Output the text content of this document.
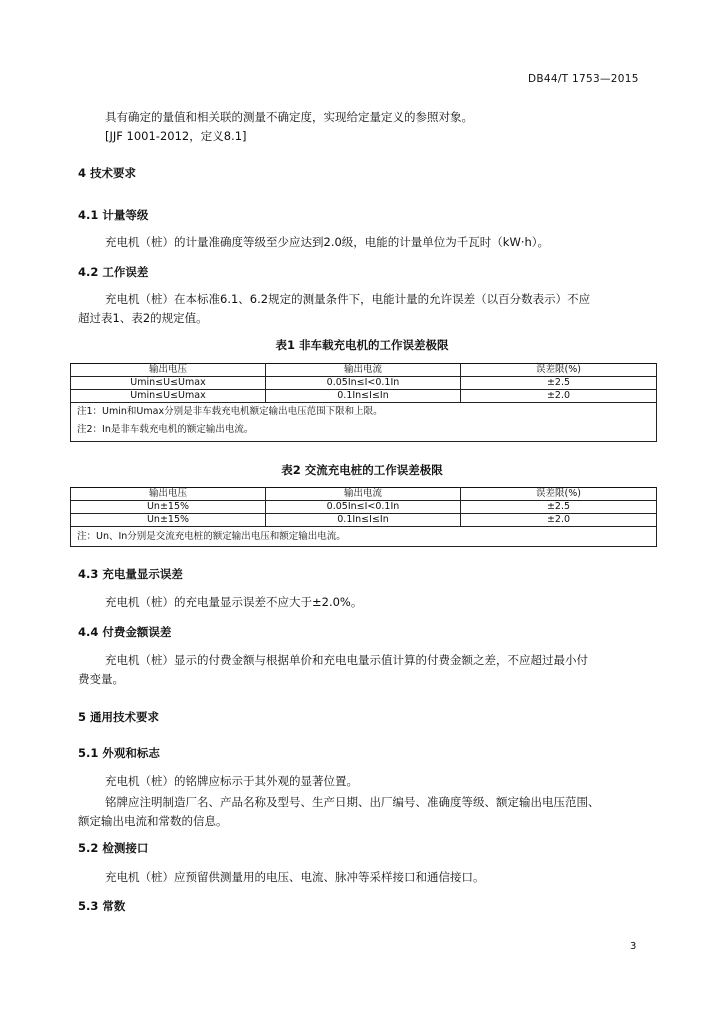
DB44/T 1753—2015
具有确定的量值和相关联的测量不确定度，实现给定量定义的参照对象。
[JJF 1001-2012，定义8.1]
4 技术要求
4.1 计量等级
充电机（桩）的计量准确度等级至少应达到2.0级，电能的计量单位为千瓦时（kW·h）。
4.2 工作误差
充电机（桩）在本标准6.1、6.2规定的测量条件下，电能计量的允许误差（以百分数表示）不应
超过表1、表2的规定值。
表1 非车载充电机的工作误差极限
输出电压	输出电流	误差限(%)
Umin≤U≤Umax	0.05In≤I<0.1In	±2.5
Umin≤U≤Umax	0.1In≤I≤In	±2.0

注1：Umin和Umax分别是非车载充电机额定输出电压范围下限和上限。
注2：In是非车载充电机的额定输出电流。		
表2 交流充电桩的工作误差极限
输出电压	输出电流	误差限(%)
Un±15%	0.05In≤I<0.1In	±2.5
Un±15%	0.1In≤I≤In	±2.0
注：Un、In分别是交流充电桩的额定输出电压和额定输出电流。		
4.3 充电量显示误差
充电机（桩）的充电量显示误差不应大于±2.0%。
4.4 付费金额误差
充电机（桩）显示的付费金额与根据单价和充电电量示值计算的付费金额之差，不应超过最小付
费变量。
5 通用技术要求
5.1 外观和标志
充电机（桩）的铭牌应标示于其外观的显著位置。
铭牌应注明制造厂名、产品名称及型号、生产日期、出厂编号、准确度等级、额定输出电压范围、
额定输出电流和常数的信息。
5.2 检测接口
充电机（桩）应预留供测量用的电压、电流、脉冲等采样接口和通信接口。
5.3 常数
3
